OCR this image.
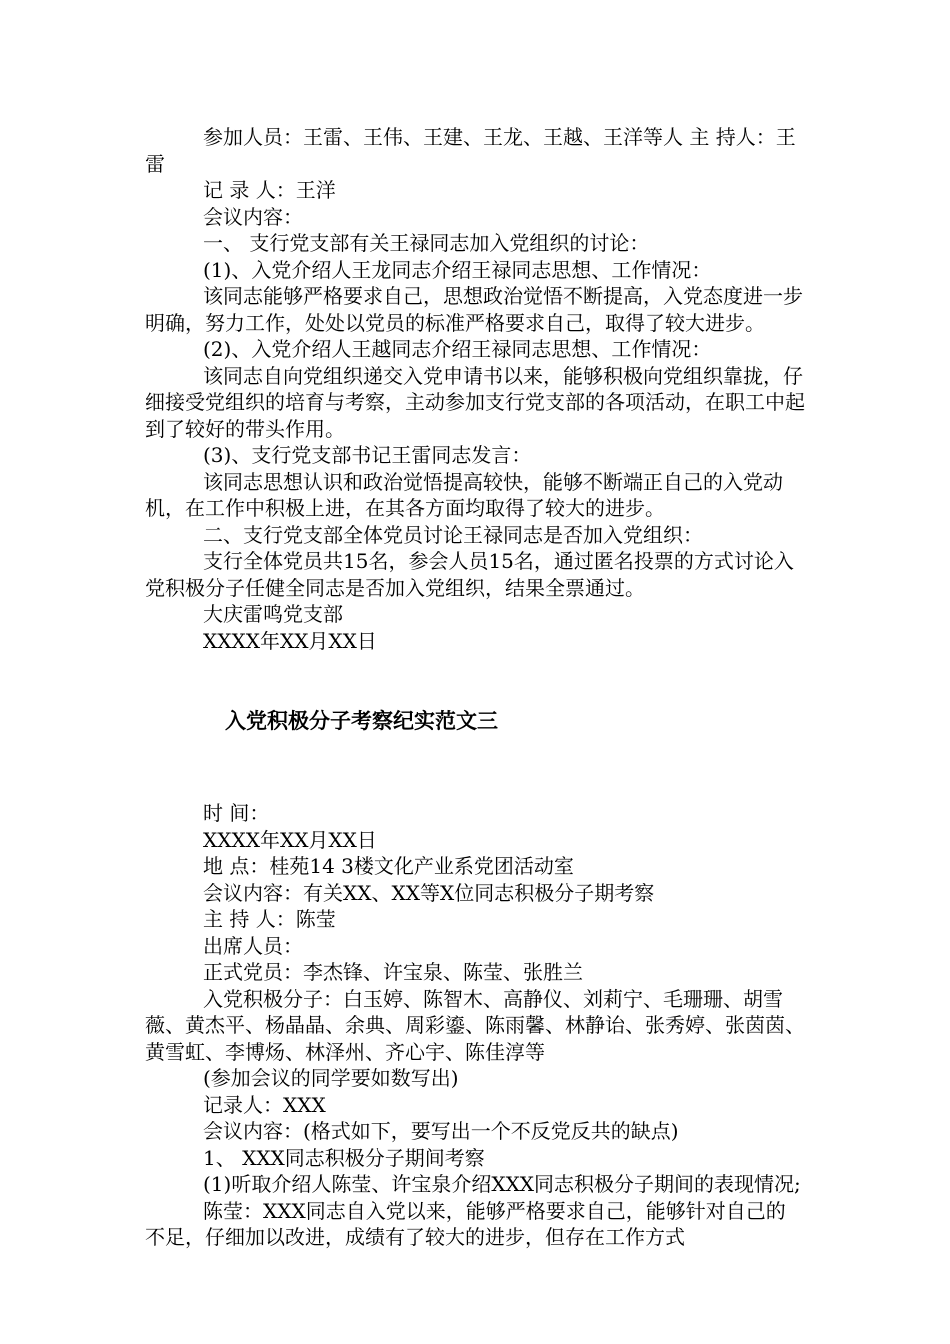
参加人员：王雷、王伟、王建、王龙、王越、王洋等人 主 持人：王雷

记 录 人：王洋

会议内容：

一、 支行党支部有关王禄同志加入党组织的讨论：

(1)、入党介绍人王龙同志介绍王禄同志思想、工作情况：

该同志能够严格要求自己，思想政治觉悟不断提高，入党态度进一步明确，努力工作，处处以党员的标准严格要求自己，取得了较大进步。

(2)、入党介绍人王越同志介绍王禄同志思想、工作情况：

该同志自向党组织递交入党申请书以来，能够积极向党组织靠拢，仔细接受党组织的培育与考察，主动参加支行党支部的各项活动，在职工中起到了较好的带头作用。

(3)、支行党支部书记王雷同志发言：

该同志思想认识和政治觉悟提高较快，能够不断端正自己的入党动机，在工作中积极上进，在其各方面均取得了较大的进步。

二、支行党支部全体党员讨论王禄同志是否加入党组织：

支行全体党员共15名，参会人员15名，通过匿名投票的方式讨论入党积极分子任健全同志是否加入党组织，结果全票通过。

大庆雷鸣党支部

XXXX年XX月XX日

入党积极分子考察纪实范文三

时 间：

XXXX年XX月XX日

地 点：桂苑14 3楼文化产业系党团活动室

会议内容：有关XX、XX等X位同志积极分子期考察

主 持 人：陈莹

出席人员：

正式党员：李杰锋、许宝泉、陈莹、张胜兰

入党积极分子：白玉婷、陈智木、高静仪、刘莉宁、毛珊珊、胡雪薇、黄杰平、杨晶晶、余典、周彩鎏、陈雨馨、林静诒、张秀婷、张茵茵、黄雪虹、李博炀、林泽州、齐心宇、陈佳淳等

(参加会议的同学要如数写出)

记录人：XXX

会议内容：(格式如下，要写出一个不反党反共的缺点)

1、 XXX同志积极分子期间考察

(1)听取介绍人陈莹、许宝泉介绍XXX同志积极分子期间的表现情况;

陈莹：XXX同志自入党以来，能够严格要求自己，能够针对自己的不足，仔细加以改进，成绩有了较大的进步，但存在工作方式
